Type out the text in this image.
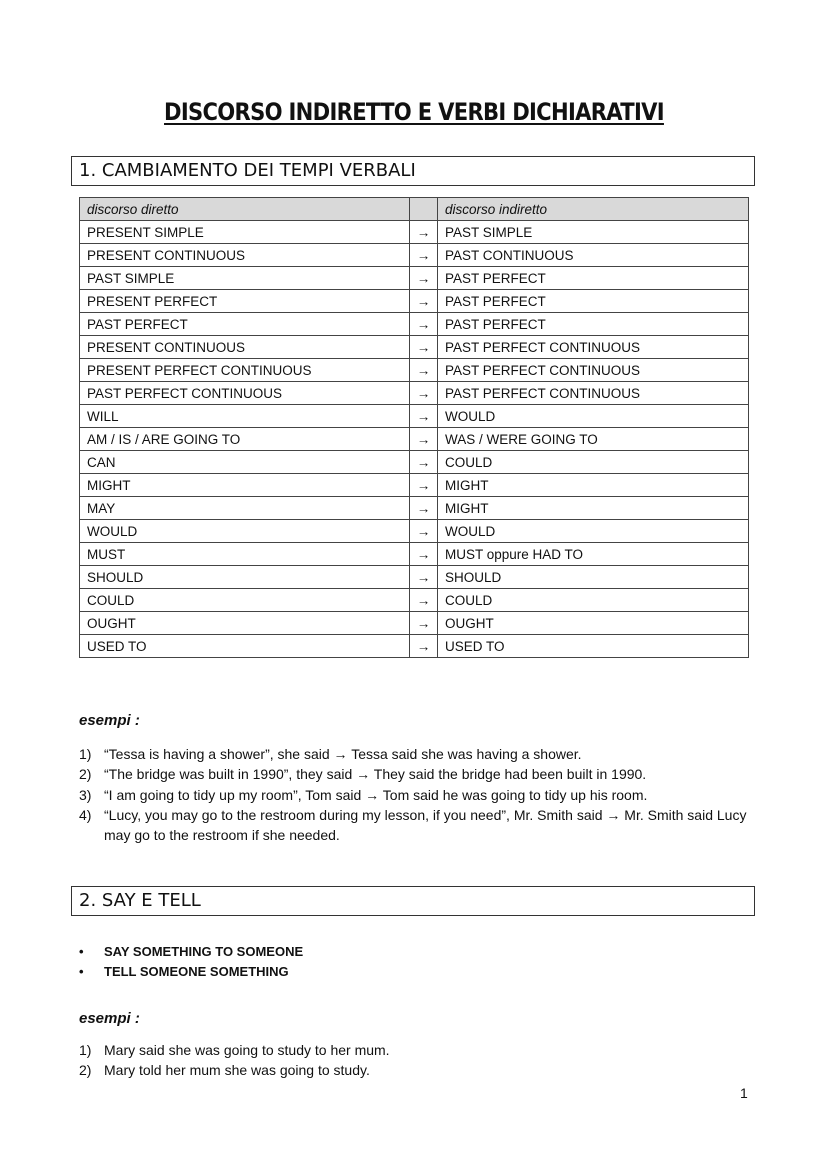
DISCORSO INDIRETTO E VERBI DICHIARATIVI
1. CAMBIAMENTO DEI TEMPI VERBALI
discorso diretto		discorso indiretto
PRESENT SIMPLE	→	PAST SIMPLE
PRESENT CONTINUOUS	→	PAST CONTINUOUS
PAST SIMPLE	→	PAST PERFECT
PRESENT PERFECT	→	PAST PERFECT
PAST PERFECT	→	PAST PERFECT
PRESENT CONTINUOUS	→	PAST PERFECT CONTINUOUS
PRESENT PERFECT CONTINUOUS	→	PAST PERFECT CONTINUOUS
PAST PERFECT CONTINUOUS	→	PAST PERFECT CONTINUOUS
WILL	→	WOULD
AM / IS / ARE GOING TO	→	WAS / WERE GOING TO
CAN	→	COULD
MIGHT	→	MIGHT
MAY	→	MIGHT
WOULD	→	WOULD
MUST	→	MUST oppure HAD TO
SHOULD	→	SHOULD
COULD	→	COULD
OUGHT	→	OUGHT
USED TO	→	USED TO
esempi :
1) “Tessa is having a shower”, she said → Tessa said she was having a shower.
2) “The bridge was built in 1990”, they said → They said the bridge had been built in 1990.
3) “I am going to tidy up my room”, Tom said → Tom said he was going to tidy up his room.
4) “Lucy, you may go to the restroom during my lesson, if you need”, Mr. Smith said → Mr. Smith said Lucy may go to the restroom if she needed.
2. SAY E TELL
•	SAY SOMETHING TO SOMEONE
•	TELL SOMEONE SOMETHING
esempi :
1) Mary said she was going to study to her mum.
2) Mary told her mum she was going to study.
1
